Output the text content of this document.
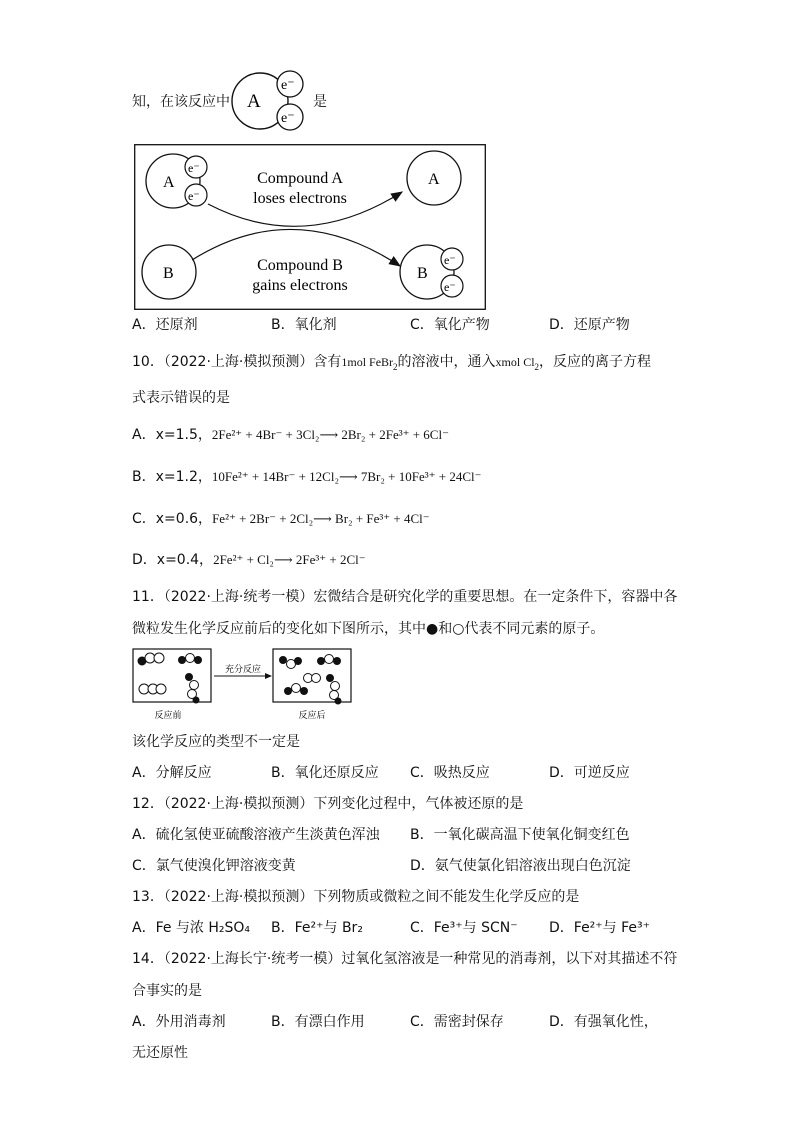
知，在该反应中 A
e⁻
e⁻
是
A
e⁻
e⁻
A
B	B
e⁻
e⁻
Compound A
loses electrons
Compound B
gains electrons
A．还原剂	B．氧化剂	C．氧化产物	D．还原产物
10．（2022·上海·模拟预测）含有1mol FeBr$_2$的溶液中，通入xmol $Cl_2$，反应的离子方程
式表示错误的是
A．x=1.5，2Fe²⁺ + 4Br⁻ + 3Cl₂⟶ 2Br₂ + 2Fe³⁺ + 6Cl⁻
B．x=1.2，10Fe²⁺ + 14Br⁻ + 12Cl₂⟶ 7Br₂ + 10Fe³⁺ + 24Cl⁻
C．x=0.6，Fe²⁺ + 2Br⁻ + 2Cl₂⟶ Br₂ + Fe³⁺ + 4Cl⁻
D．x=0.4，2Fe²⁺ + Cl₂⟶ 2Fe³⁺ + 2Cl⁻
11．（2022·上海·统考一模）宏微结合是研究化学的重要思想。在一定条件下，容器中各
微粒发生化学反应前后的变化如下图所示，其中●和○代表不同元素的原子。
充分反应
反应前	反应后
该化学反应的类型不一定是
A．分解反应	B．氧化还原反应 C．吸热反应	D．可逆反应
12．（2022·上海·模拟预测）下列变化过程中，气体被还原的是
A．硫化氢使亚硫酸溶液产生淡黄色浑浊 B．一氧化碳高温下使氧化铜变红色
C．氯气使溴化钾溶液变黄	D．氨气使氯化铝溶液出现白色沉淀
13．（2022·上海·模拟预测）下列物质或微粒之间不能发生化学反应的是
A．Fe 与浓 H₂SO₄ B．Fe²⁺与 Br₂	C．Fe³⁺与 SCN⁻ D．Fe²⁺与 Fe³⁺
14．（2022·上海长宁·统考一模）过氧化氢溶液是一种常见的消毒剂，以下对其描述不符
合事实的是
A．外用消毒剂	B．有漂白作用	C．需密封保存	D．有强氧化性，
无还原性
